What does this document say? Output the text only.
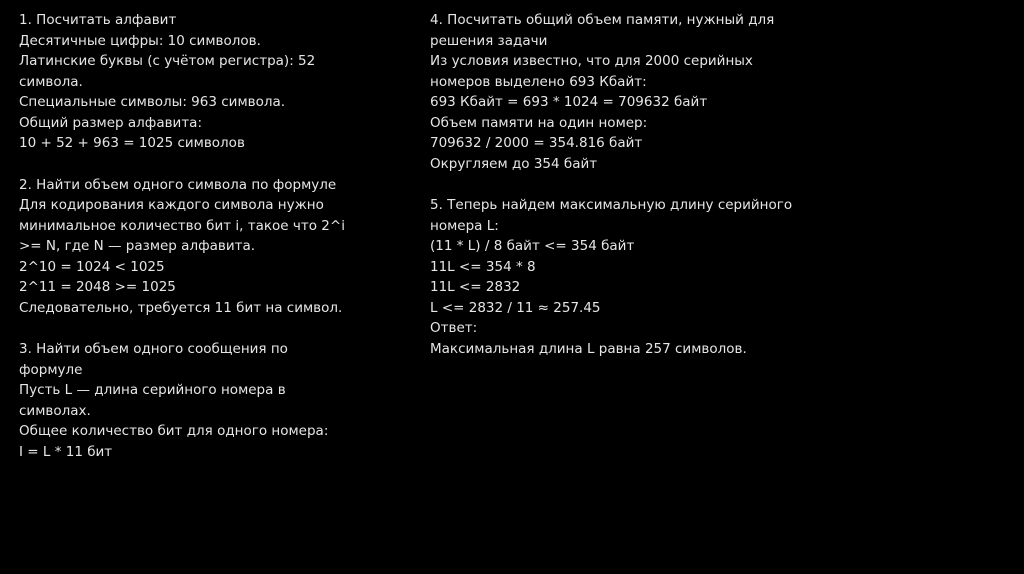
1. Посчитать алфавит
Десятичные цифры: 10 символов.
Латинские буквы (с учётом регистра): 52
символа.
Специальные символы: 963 символа.
Общий размер алфавита:
10 + 52 + 963 = 1025 символов
2. Найти объем одного символа по формуле
Для кодирования каждого символа нужно
минимальное количество бит i, такое что 2^i
>= N, где N — размер алфавита.
2^10 = 1024 < 1025
2^11 = 2048 >= 1025
Следовательно, требуется 11 бит на символ.
3. Найти объем одного сообщения по
формуле
Пусть L — длина серийного номера в
символах.
Общее количество бит для одного номера:
I = L * 11 бит
4. Посчитать общий объем памяти, нужный для
решения задачи
Из условия известно, что для 2000 серийных
номеров выделено 693 Кбайт:
693 Кбайт = 693 * 1024 = 709632 байт
Объем памяти на один номер:
709632 / 2000 = 354.816 байт
Округляем до 354 байт
5. Теперь найдем максимальную длину серийного
номера L:
(11 * L) / 8 байт <= 354 байт
11L <= 354 * 8
11L <= 2832
L <= 2832 / 11 ≈ 257.45
Ответ:
Максимальная длина L равна 257 символов.
